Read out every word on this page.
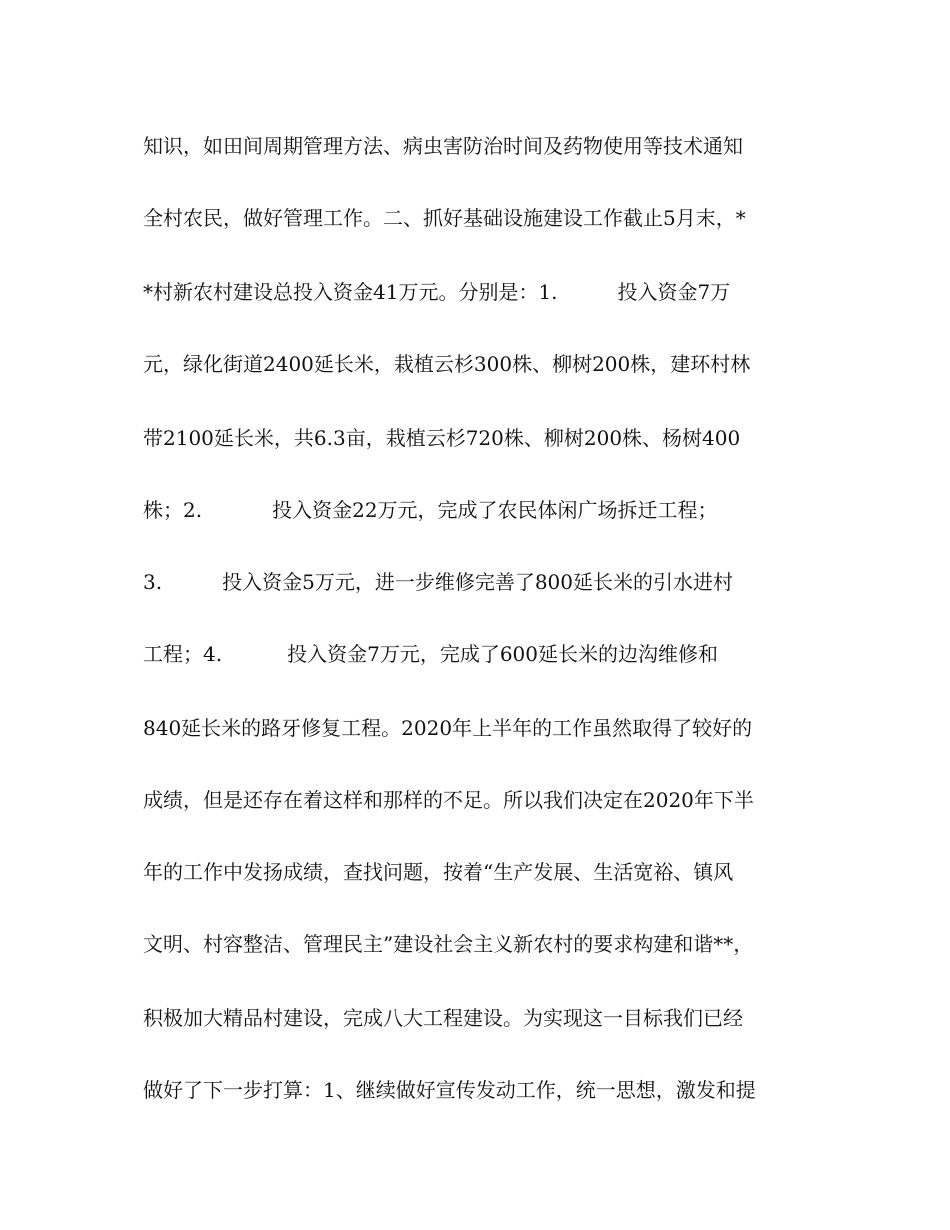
知识，如田间周期管理方法、病虫害防治时间及药物使用等技术通知
全村农民，做好管理工作。二、抓好基础设施建设工作截止5月末，*
*村新农村建设总投入资金41万元。分别是：1.	投入资金7万
元，绿化街道2400延长米，栽植云杉300株、柳树200株，建环村林
带2100延长米，共6.3亩，栽植云杉720株、柳树200株、杨树400
株；2.	投入资金22万元，完成了农民体闲广场拆迁工程；
3.	投入资金5万元，进一步维修完善了800延长米的引水进村
工程；4.	投入资金7万元，完成了600延长米的边沟维修和
840延长米的路牙修复工程。2020年上半年的工作虽然取得了较好的
成绩，但是还存在着这样和那样的不足。所以我们决定在2020年下半
年的工作中发扬成绩，查找问题，按着“生产发展、生活宽裕、镇风
文明、村容整洁、管理民主”建设社会主义新农村的要求构建和谐**，
积极加大精品村建设，完成八大工程建设。为实现这一目标我们已经
做好了下一步打算：1、继续做好宣传发动工作，统一思想，激发和提
